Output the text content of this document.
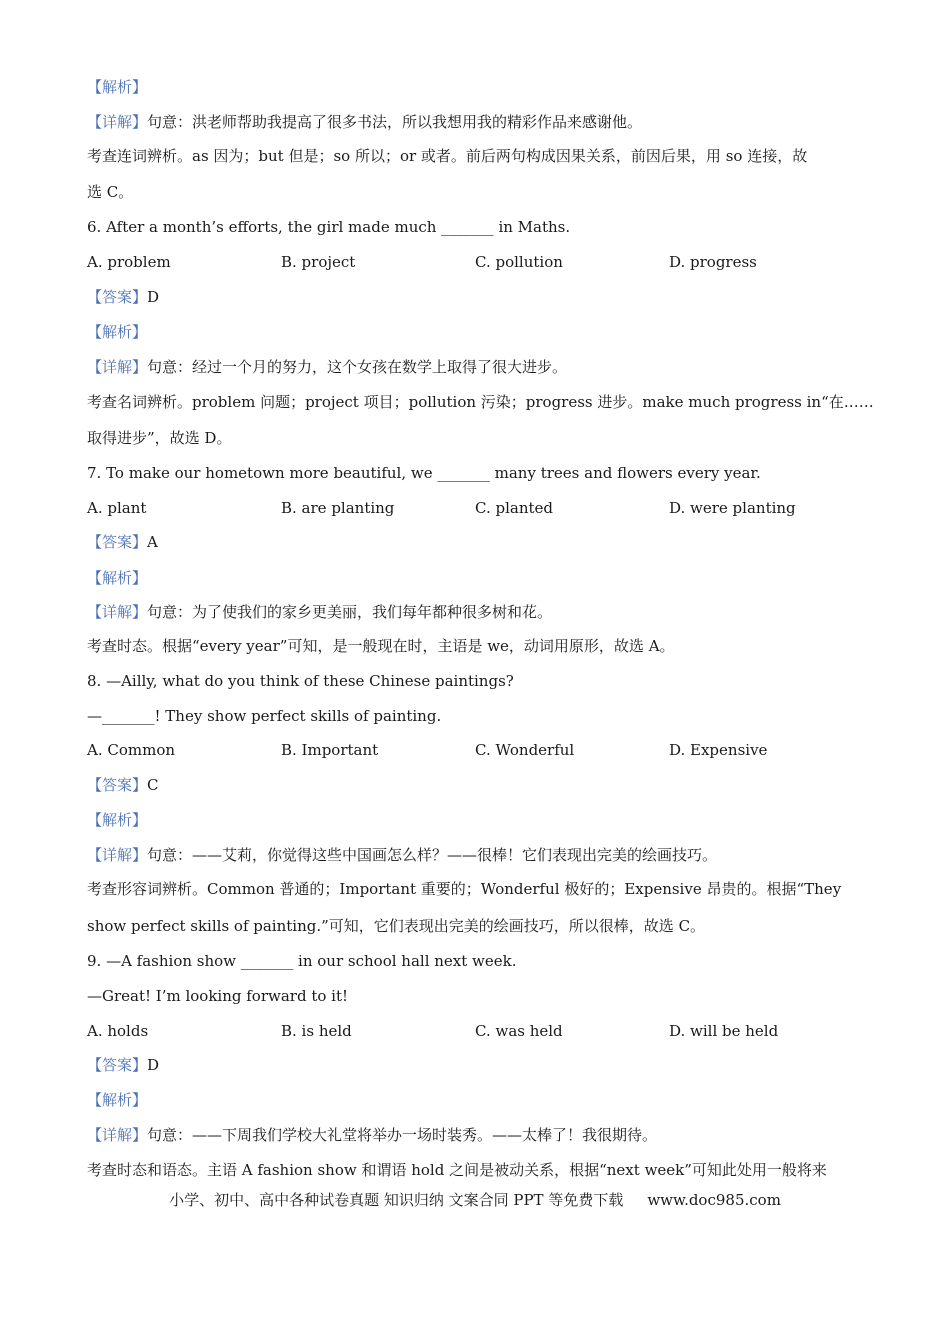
【解析】
【详解】句意：洪老师帮助我提高了很多书法，所以我想用我的精彩作品来感谢他。
考查连词辨析。as 因为；but 但是；so 所以；or 或者。前后两句构成因果关系，前因后果，用 so 连接，故
选 C。
6. After a month’s efforts, the girl made much _______ in Maths.
A. problem	B. project	C. pollution	D. progress
【答案】D
【解析】
【详解】句意：经过一个月的努力，这个女孩在数学上取得了很大进步。
考查名词辨析。problem 问题；project 项目；pollution 污染；progress 进步。make much progress in“在……
取得进步”，故选 D。
7. To make our hometown more beautiful, we _______ many trees and flowers every year.
A. plant	B. are planting	C. planted	D. were planting
【答案】A
【解析】
【详解】句意：为了使我们的家乡更美丽，我们每年都种很多树和花。
考查时态。根据“every year”可知，是一般现在时，主语是 we，动词用原形，故选 A。
8. —Ailly, what do you think of these Chinese paintings?
—_______! They show perfect skills of painting.
A. Common	B. Important	C. Wonderful	D. Expensive
【答案】C
【解析】
【详解】句意：——艾莉，你觉得这些中国画怎么样？——很棒！它们表现出完美的绘画技巧。
考查形容词辨析。Common 普通的；Important 重要的；Wonderful 极好的；Expensive 昂贵的。根据“They
show perfect skills of painting.”可知，它们表现出完美的绘画技巧，所以很棒，故选 C。
9. —A fashion show _______ in our school hall next week.
—Great! I’m looking forward to it!
A. holds	B. is held	C. was held	D. will be held
【答案】D
【解析】
【详解】句意：——下周我们学校大礼堂将举办一场时装秀。——太棒了！我很期待。
考查时态和语态。主语 A fashion show 和谓语 hold 之间是被动关系，根据“next week”可知此处用一般将来
小学、初中、高中各种试卷真题 知识归纳 文案合同 PPT 等免费下载 www.doc985.com
